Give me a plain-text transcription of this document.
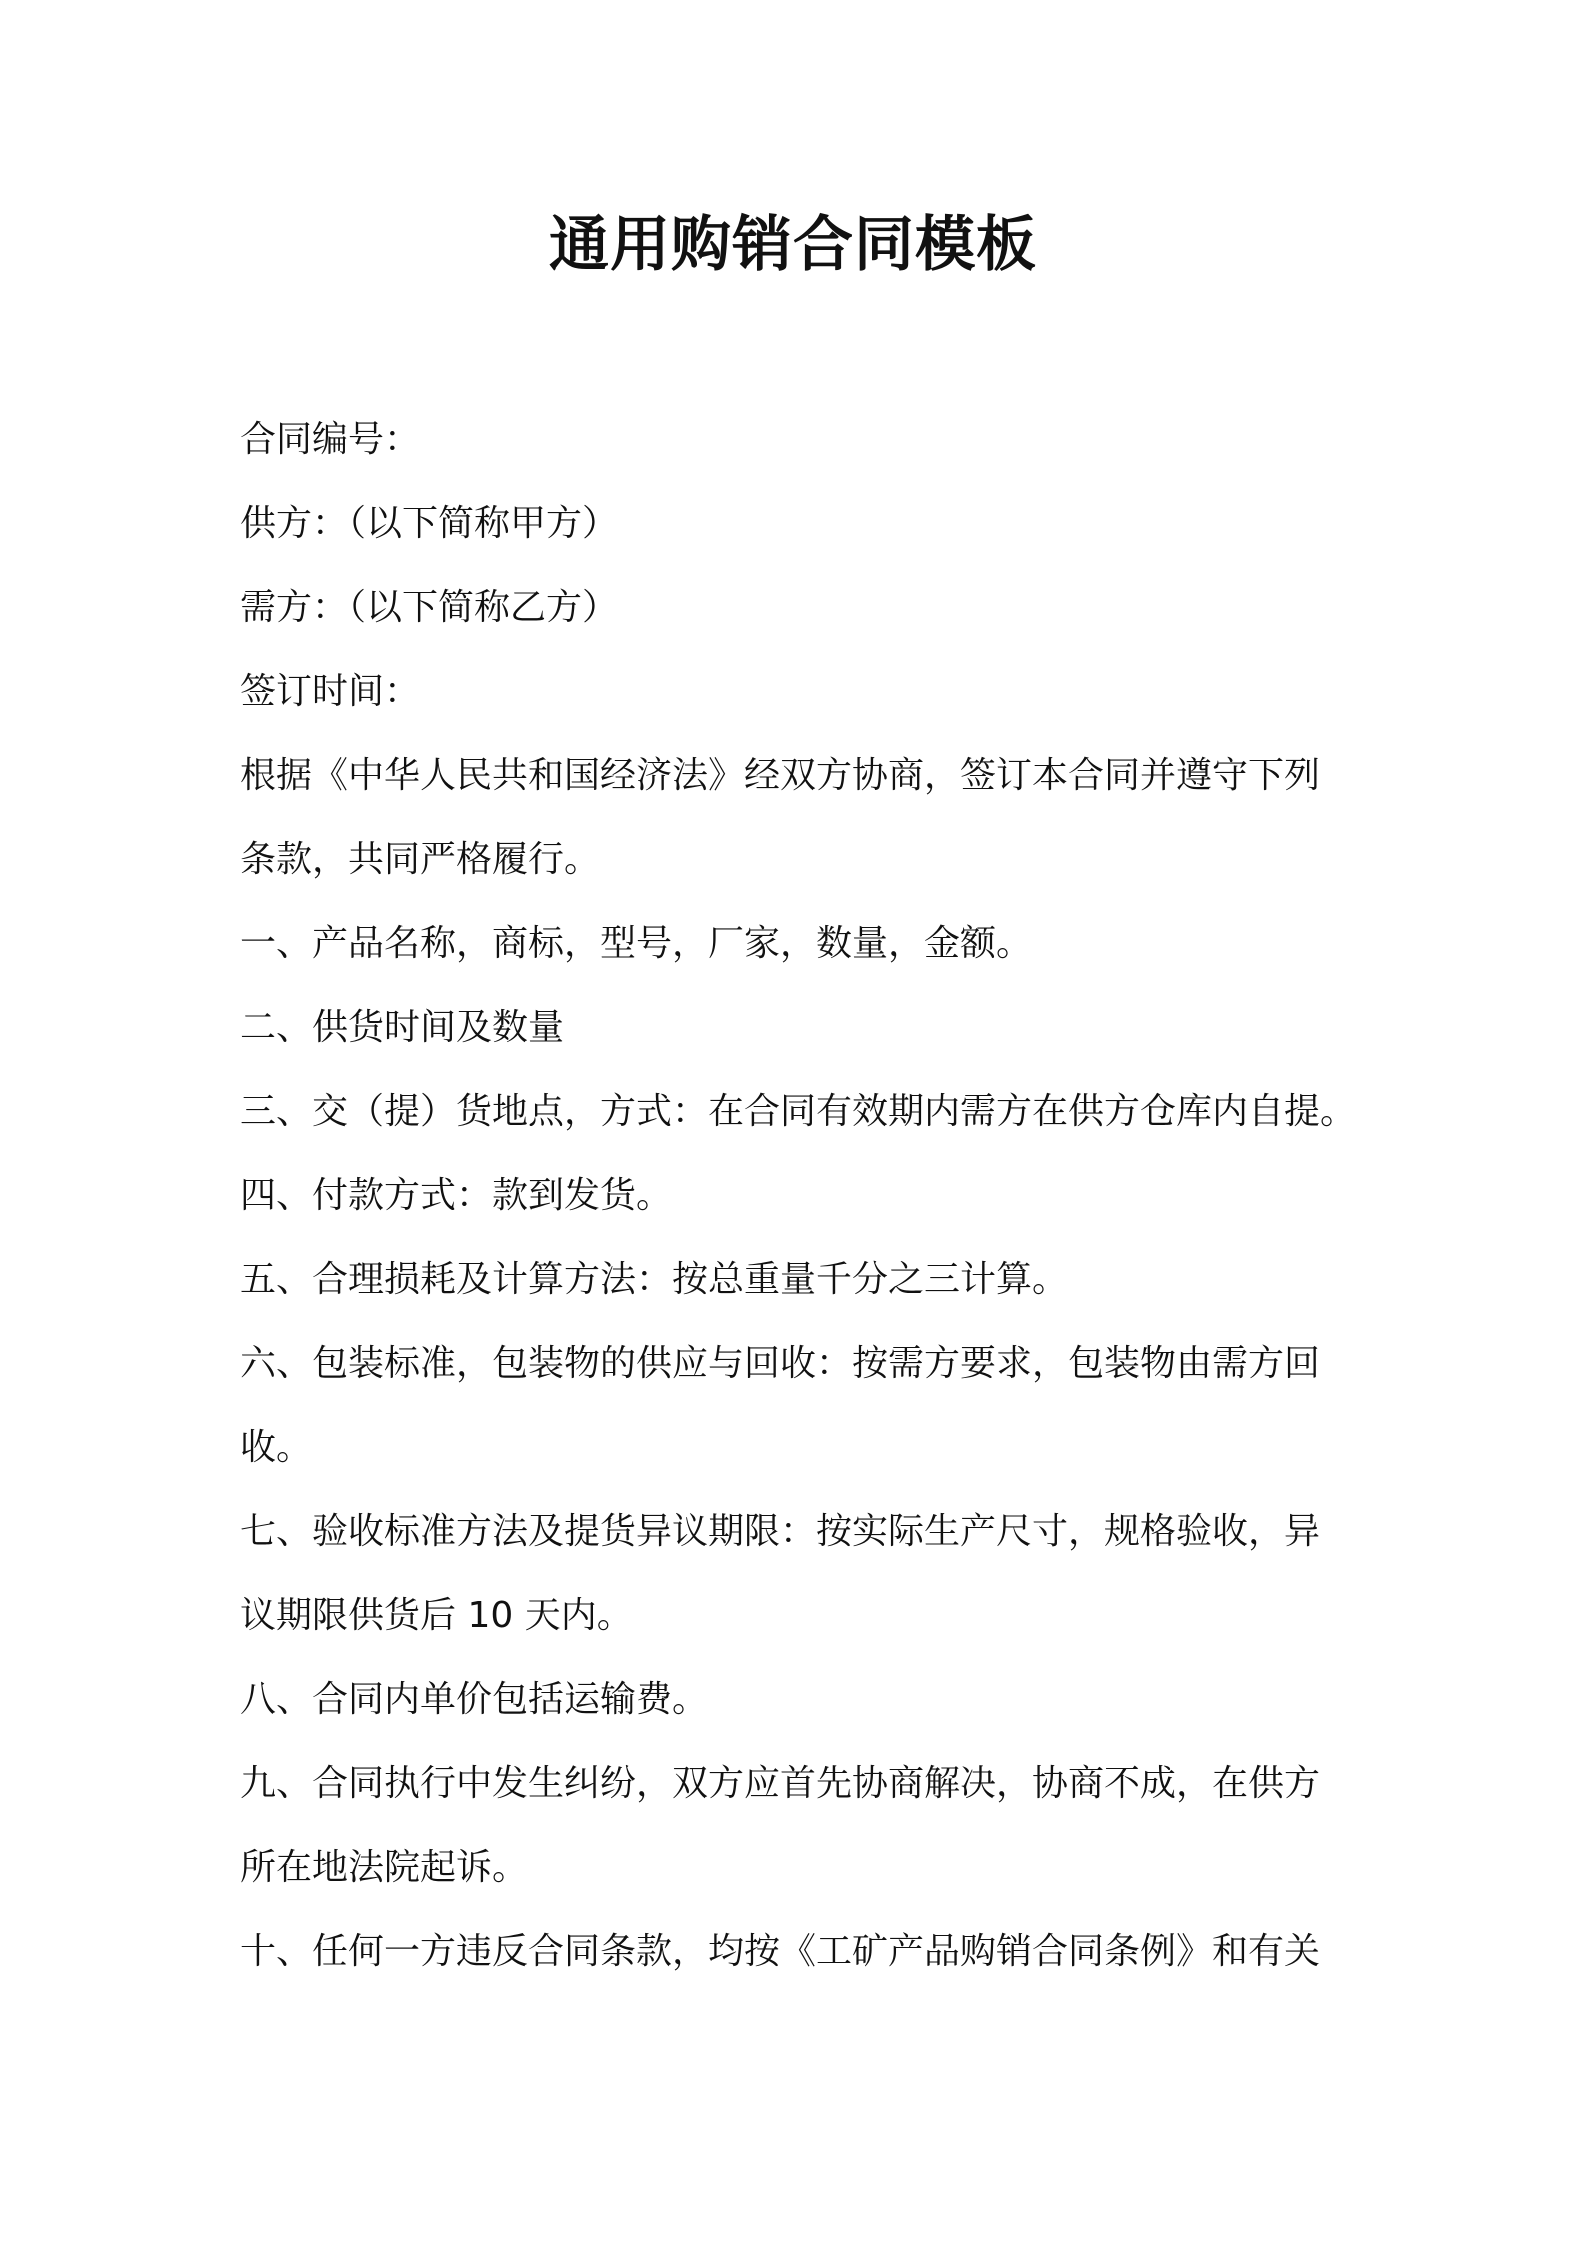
通用购销合同模板
合同编号：
供方：（以下简称甲方）
需方：（以下简称乙方）
签订时间：
根据《中华人民共和国经济法》经双方协商，签订本合同并遵守下列
条款，共同严格履行。
一、产品名称，商标，型号，厂家，数量，金额。
二、供货时间及数量
三、交（提）货地点，方式：在合同有效期内需方在供方仓库内自提。
四、付款方式：款到发货。
五、合理损耗及计算方法：按总重量千分之三计算。
六、包装标准，包装物的供应与回收：按需方要求，包装物由需方回
收。
七、验收标准方法及提货异议期限：按实际生产尺寸，规格验收，异
议期限供货后 10 天内。
八、合同内单价包括运输费。
九、合同执行中发生纠纷，双方应首先协商解决，协商不成，在供方
所在地法院起诉。
十、任何一方违反合同条款，均按《工矿产品购销合同条例》和有关
